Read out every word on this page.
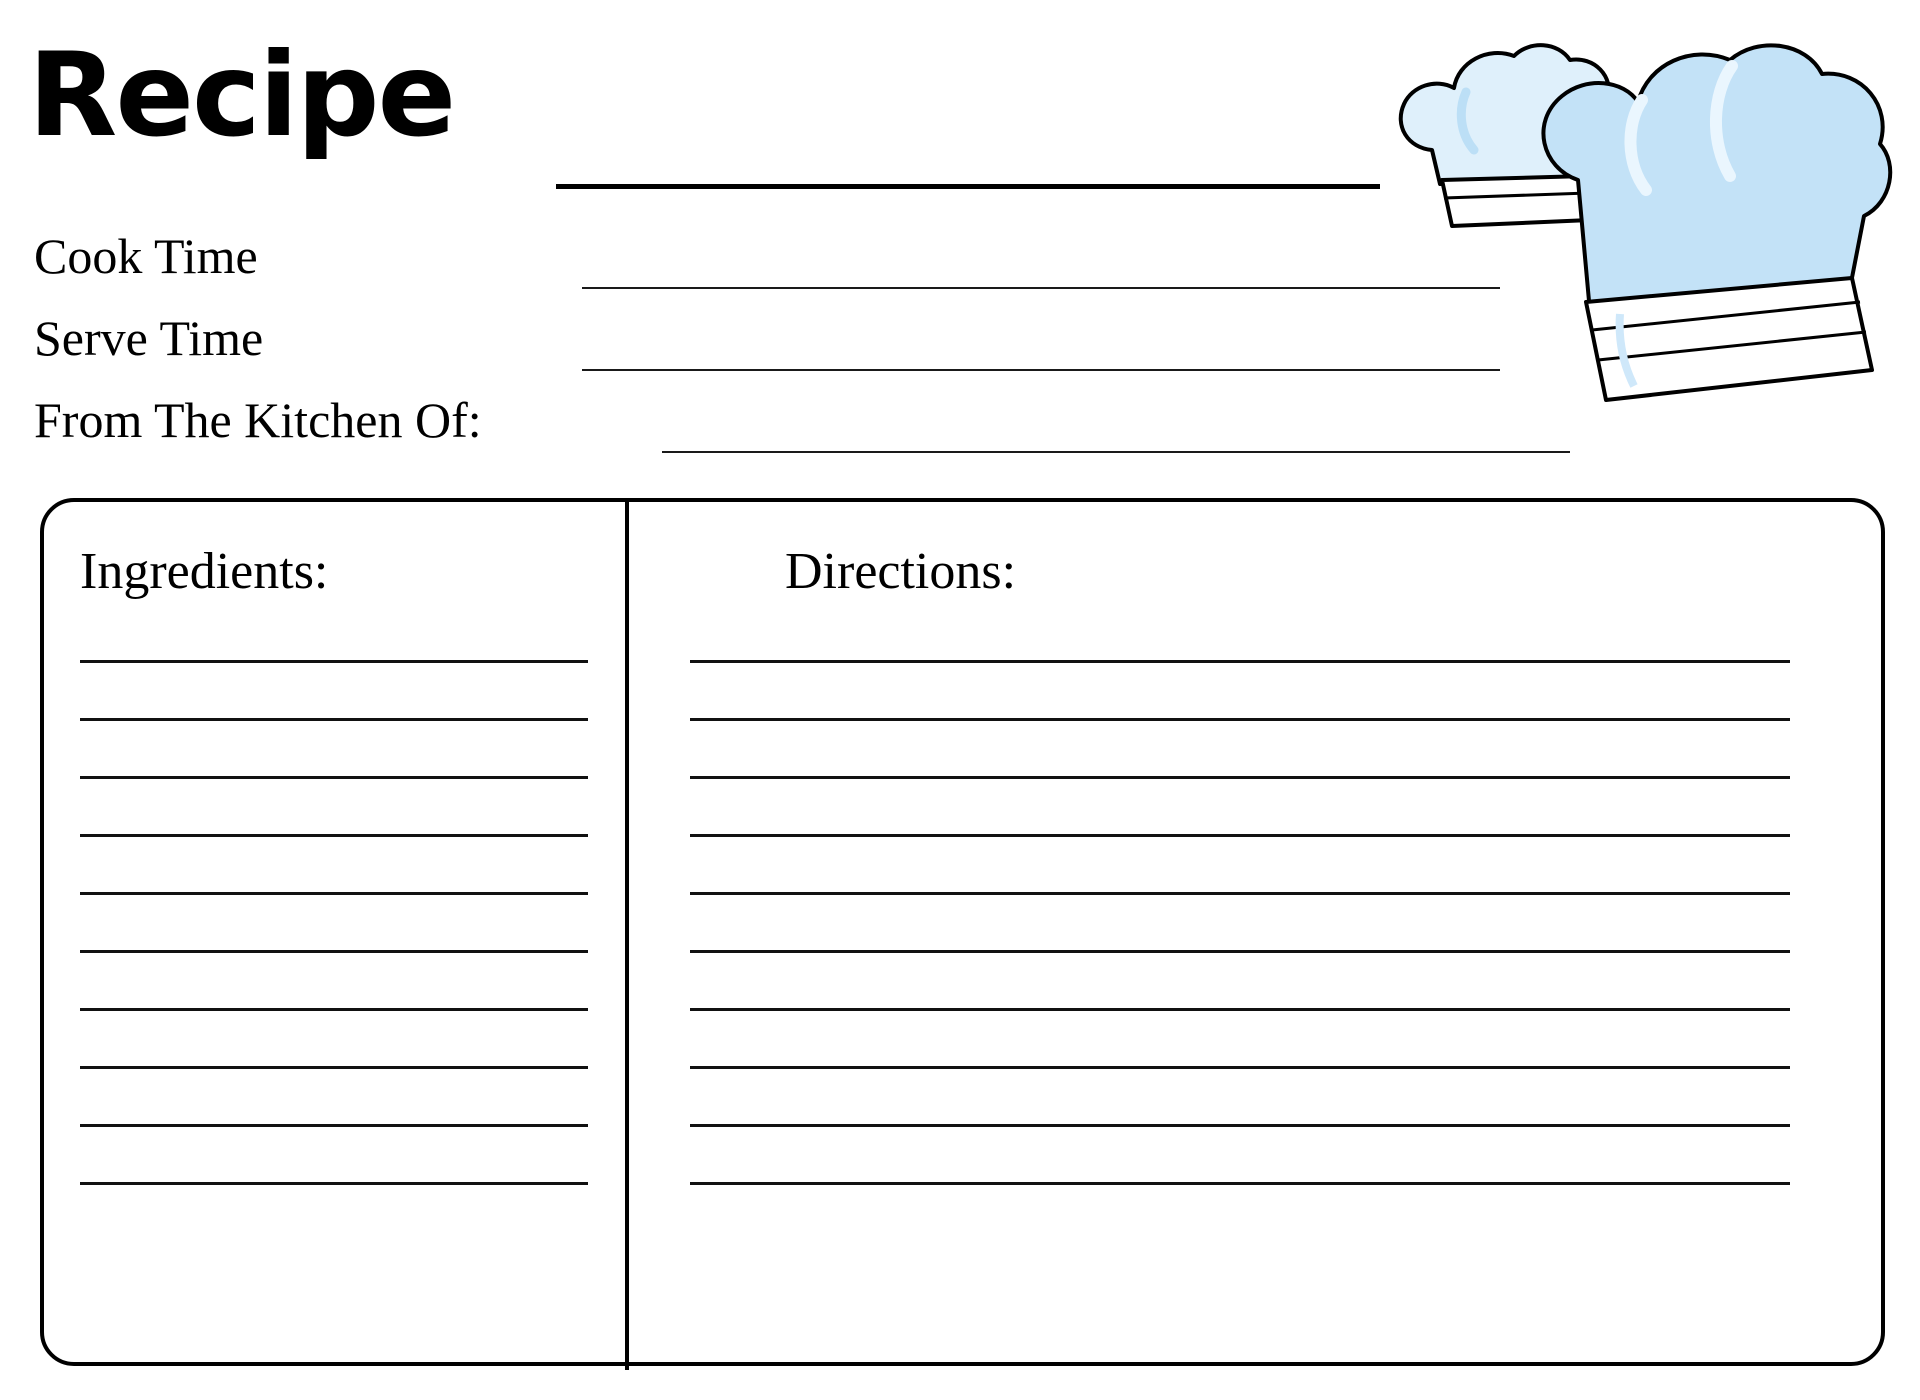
Recipe
Cook Time
Serve Time
From The Kitchen Of:
Ingredients:	Directions:
